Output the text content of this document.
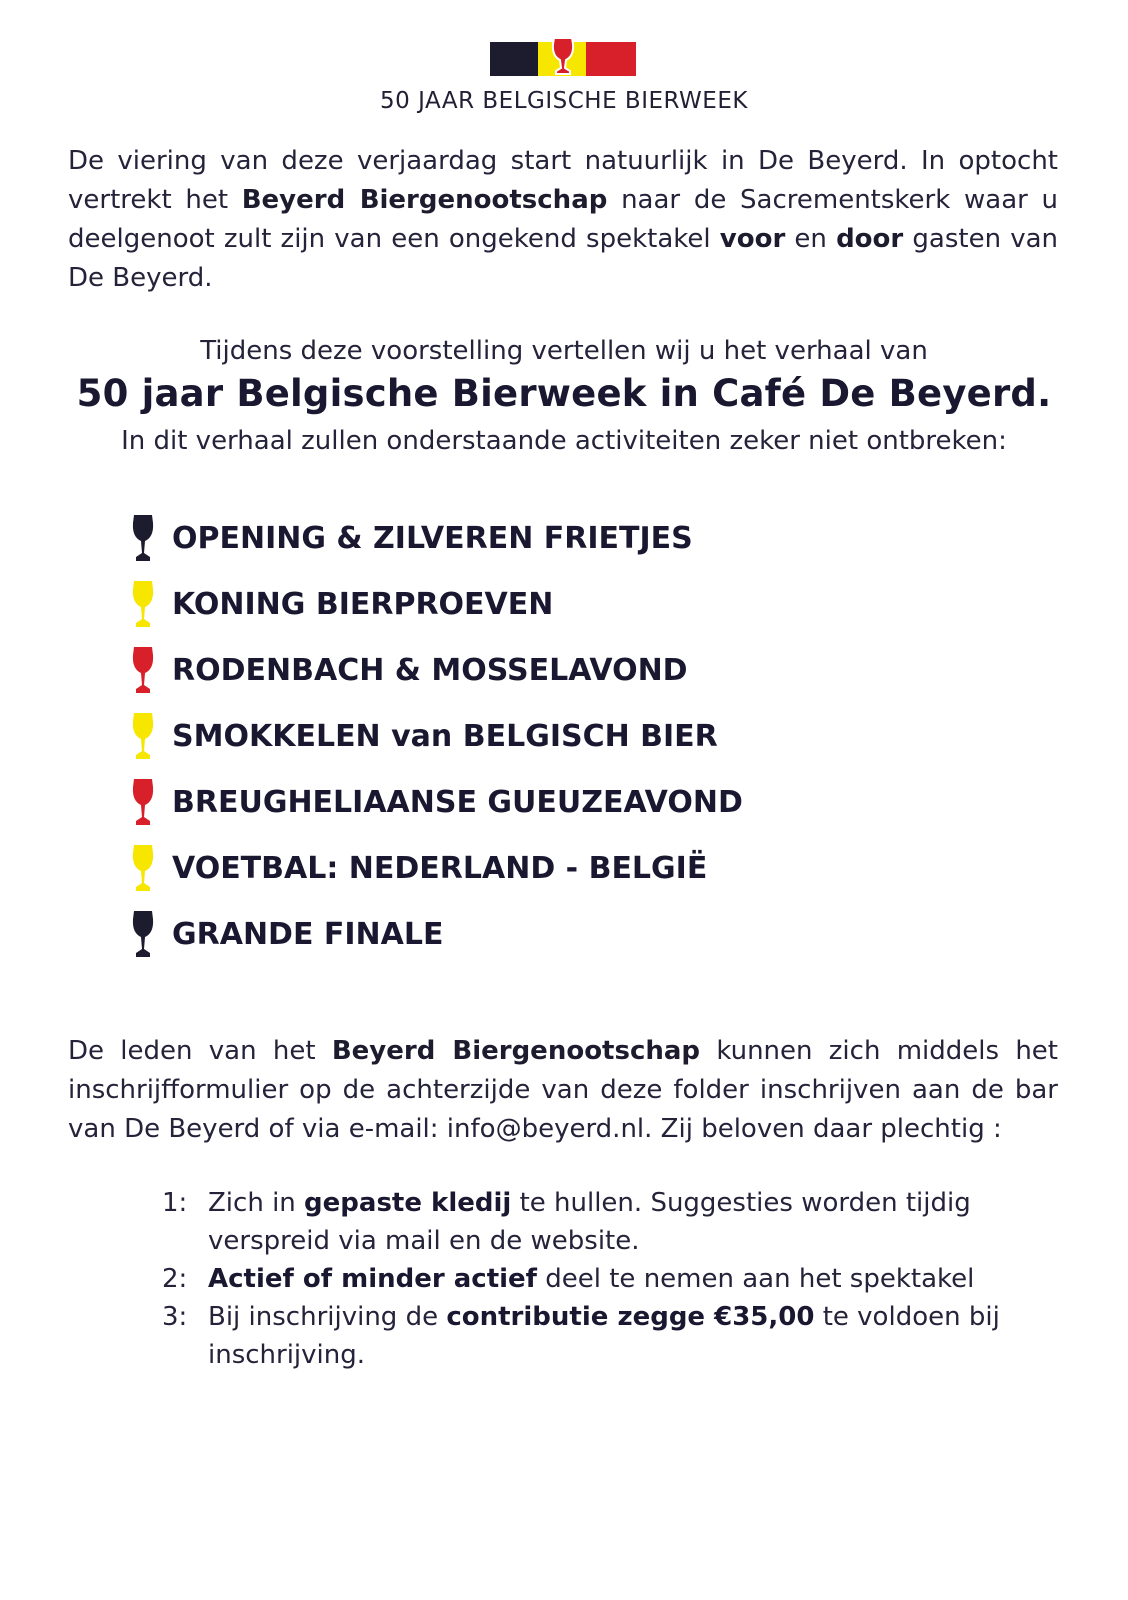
50 JAAR BELGISCHE BIERWEEK
De viering van deze verjaardag start natuurlijk in De Beyerd. In optocht vertrekt het Beyerd Biergenootschap naar de Sacrementskerk waar u deelgenoot zult zijn van een ongekend spektakel voor en door gasten van De Beyerd.
Tijdens deze voorstelling vertellen wij u het verhaal van
50 jaar Belgische Bierweek in Café De Beyerd.
In dit verhaal zullen onderstaande activiteiten zeker niet ontbreken:
OPENING & ZILVEREN FRIETJES
KONING BIERPROEVEN
RODENBACH & MOSSELAVOND
SMOKKELEN van BELGISCH BIER
BREUGHELIAANSE GUEUZEAVOND
VOETBAL: NEDERLAND - BELGIË
GRANDE FINALE
De leden van het Beyerd Biergenootschap kunnen zich middels het inschrijfformulier op de achterzijde van deze folder inschrijven aan de bar van De Beyerd of via e-mail: info@beyerd.nl. Zij beloven daar plechtig :
1: Zich in gepaste kledij te hullen. Suggesties worden tijdig verspreid via mail en de website.
2: Actief of minder actief deel te nemen aan het spektakel
3: Bij inschrijving de contributie zegge €35,00 te voldoen bij inschrijving.
